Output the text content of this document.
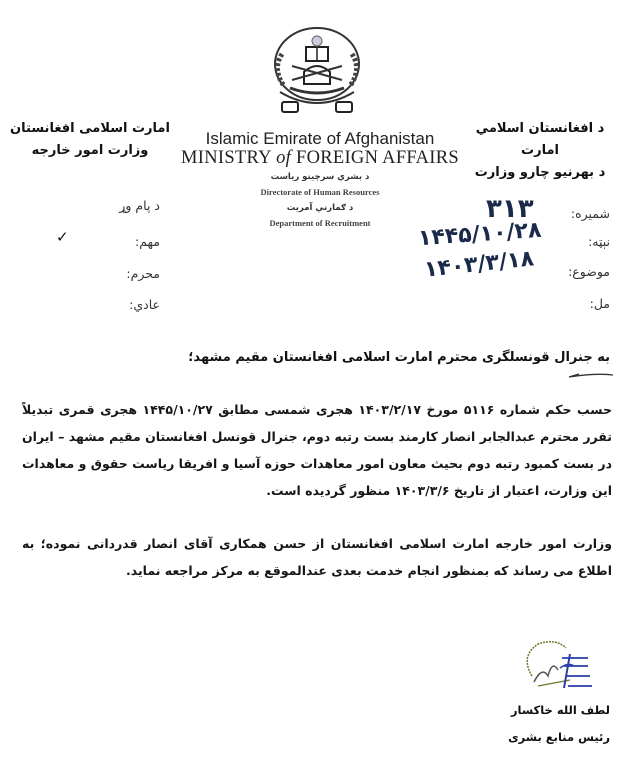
امارت اسلامی افغانستان
وزارت امور خارجه
د افغانستان اسلامي امارت
د بهرنيو چارو وزارت
Islamic Emirate of Afghanistan
MINISTRY of FOREIGN AFFAIRS
د بشري سرچينو رياست
Directorate of Human Resources
د ګمارنې آمریت
Department of Recruitment
د پام وړ
مهم:
✓
محرم:
عادي:
شمیره:
۳۱۳
نېټه:
۱۴۴۵/۱۰/۲۸
موضوع:
۱۴۰۳/۳/۱۸
مل:
به جنرال قونسلگری محترم امارت اسلامی افغانستان مقیم مشهد؛
حسب حکم شماره ۵۱۱۶ مورخ ۱۴۰۳/۲/۱۷ هجری شمسی مطابق ۱۴۴۵/۱۰/۲۷ هجری قمری تبدیلاً تقرر محترم عبدالجابر انصار کارمند بست رتبه دوم، جنرال قونسل افغانستان مقیم مشهد – ایران در بست کمبود رتبه دوم بحیث معاون امور معاهدات حوزه آسیا و افریقا ریاست حقوق و معاهدات این وزارت، اعتبار از تاریخ ۱۴۰۳/۳/۶ منظور گردیده است.
وزارت امور خارجه امارت اسلامی افغانستان از حسن همکاری آقای انصار قدردانی نموده؛ به اطلاع می رساند که بمنظور انجام خدمت بعدی عندالموقع به مرکز مراجعه نماید.
لطف الله خاکسار
رئیس منابع بشری
